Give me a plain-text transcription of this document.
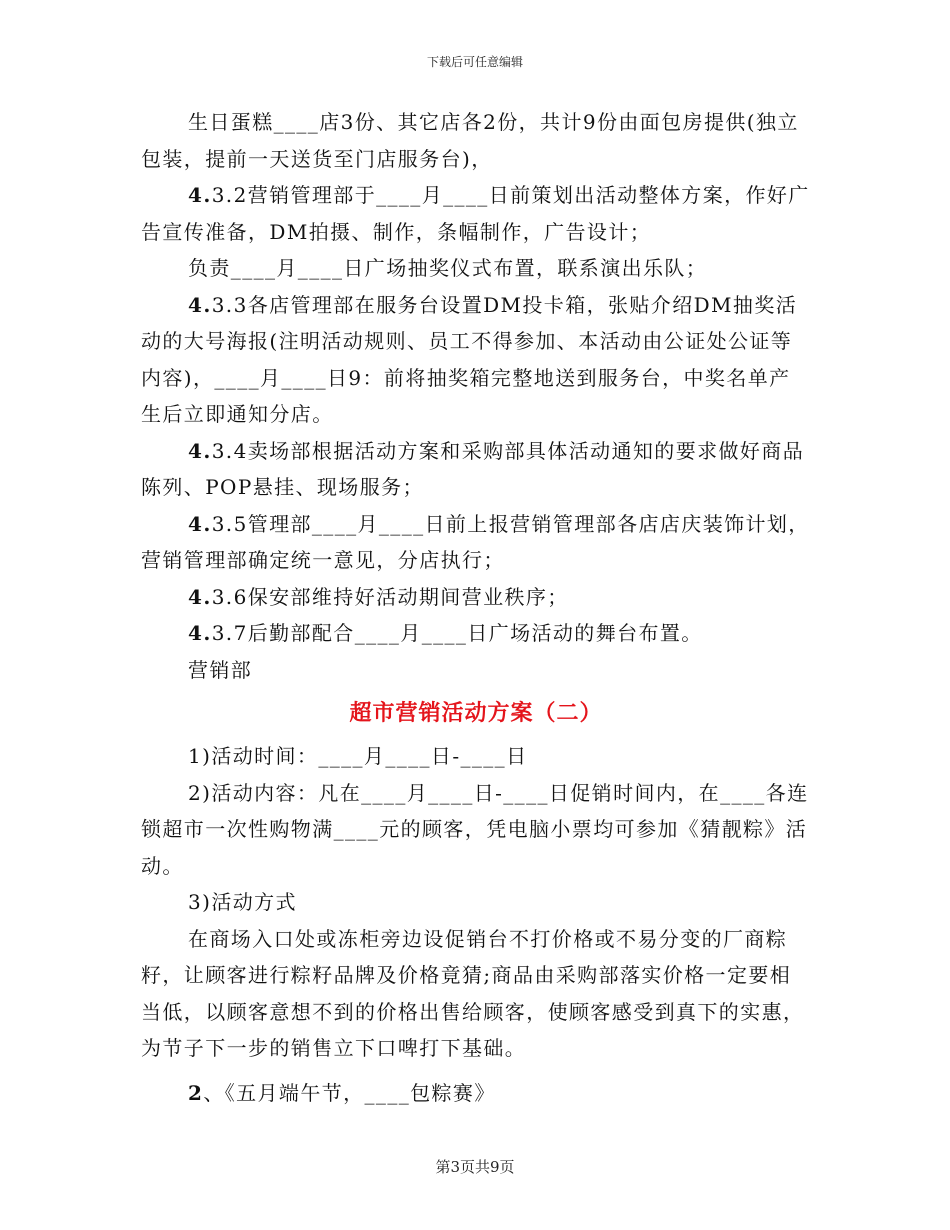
下载后可任意编辑

生日蛋糕____店3份、其它店各2份，共计9份由面包房提供(独立包装，提前一天送货至门店服务台)，

4.3.2营销管理部于____月____日前策划出活动整体方案，作好广告宣传准备，DM拍摄、制作，条幅制作，广告设计；

负责____月____日广场抽奖仪式布置，联系演出乐队；

4.3.3各店管理部在服务台设置DM投卡箱，张贴介绍DM抽奖活动的大号海报(注明活动规则、员工不得参加、本活动由公证处公证等内容)，____月____日9：前将抽奖箱完整地送到服务台，中奖名单产生后立即通知分店。

4.3.4卖场部根据活动方案和采购部具体活动通知的要求做好商品陈列、POP悬挂、现场服务；

4.3.5管理部____月____日前上报营销管理部各店店庆装饰计划，营销管理部确定统一意见，分店执行；

4.3.6保安部维持好活动期间营业秩序；

4.3.7后勤部配合____月____日广场活动的舞台布置。

营销部

超市营销活动方案（二）

1)活动时间：____月____日-____日

2)活动内容：凡在____月____日-____日促销时间内，在____各连锁超市一次性购物满____元的顾客，凭电脑小票均可参加《猜靓粽》活动。

3)活动方式

在商场入口处或冻柜旁边设促销台不打价格或不易分变的厂商粽籽，让顾客进行粽籽品牌及价格竟猜;商品由采购部落实价格一定要相当低，以顾客意想不到的价格出售给顾客，使顾客感受到真下的实惠，为节子下一步的销售立下口啤打下基础。

2、《五月端午节，____包粽赛》

第3页共9页
